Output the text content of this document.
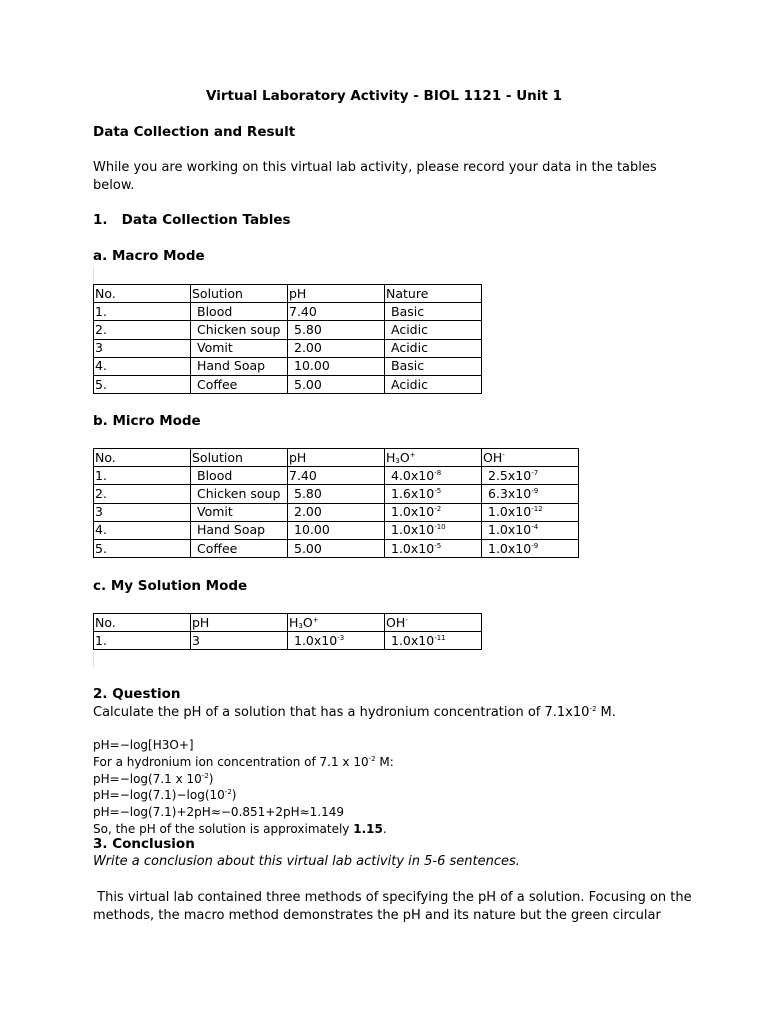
Virtual Laboratory Activity - BIOL 1121 - Unit 1
Data Collection and Result
While you are working on this virtual lab activity, please record your data in the tables below.
1. Data Collection Tables
a. Macro Mode
No.	Solution	pH	Nature
1.	Blood	7.40	Basic
2.	Chicken soup	5.80	Acidic
3	Vomit	2.00	Acidic
4.	Hand Soap	10.00	Basic
5.	Coffee	5.00	Acidic
b. Micro Mode
No.	Solution	pH	$H_3O^+$	OH-
1.	Blood	7.40	$4.0x10^{-8}$	$2.5x10^{-7}$
2.	Chicken soup	5.80	$1.6x10^{-5}$	$6.3x10^{-9}$
3	Vomit	2.00	$1.0x10^{-2}$	$1.0x10^{-12}$
4.	Hand Soap	10.00	$1.0x10^{-10}$	$1.0x10^{-4}$
5.	Coffee	5.00	$1.0x10^{-5}$	$1.0x10^{-9}$
c. My Solution Mode
No.	pH	$H_3O^+$	OH-
1.	3	$1.0x10^{-3}$	$1.0x10^{-11}$
2. Question
Calculate the pH of a solution that has a hydronium concentration of $7.1x10^{-2}$ M.
pH=−log[H3O+]
For a hydronium ion concentration of 7.1 x $10^{-2}$ M:
pH=−log(7.1 x $10^{-2}$)
$pH=-\log(7.1)-\log(10^{-2})$
pH=−log(7.1)+2pH≈−0.851+2pH≈1.149
So, the pH of the solution is approximately 1.15.
3. Conclusion
Write a conclusion about this virtual lab activity in 5-6 sentences.
This virtual lab contained three methods of specifying the pH of a solution. Focusing on the
methods, the macro method demonstrates the pH and its nature but the green circular
